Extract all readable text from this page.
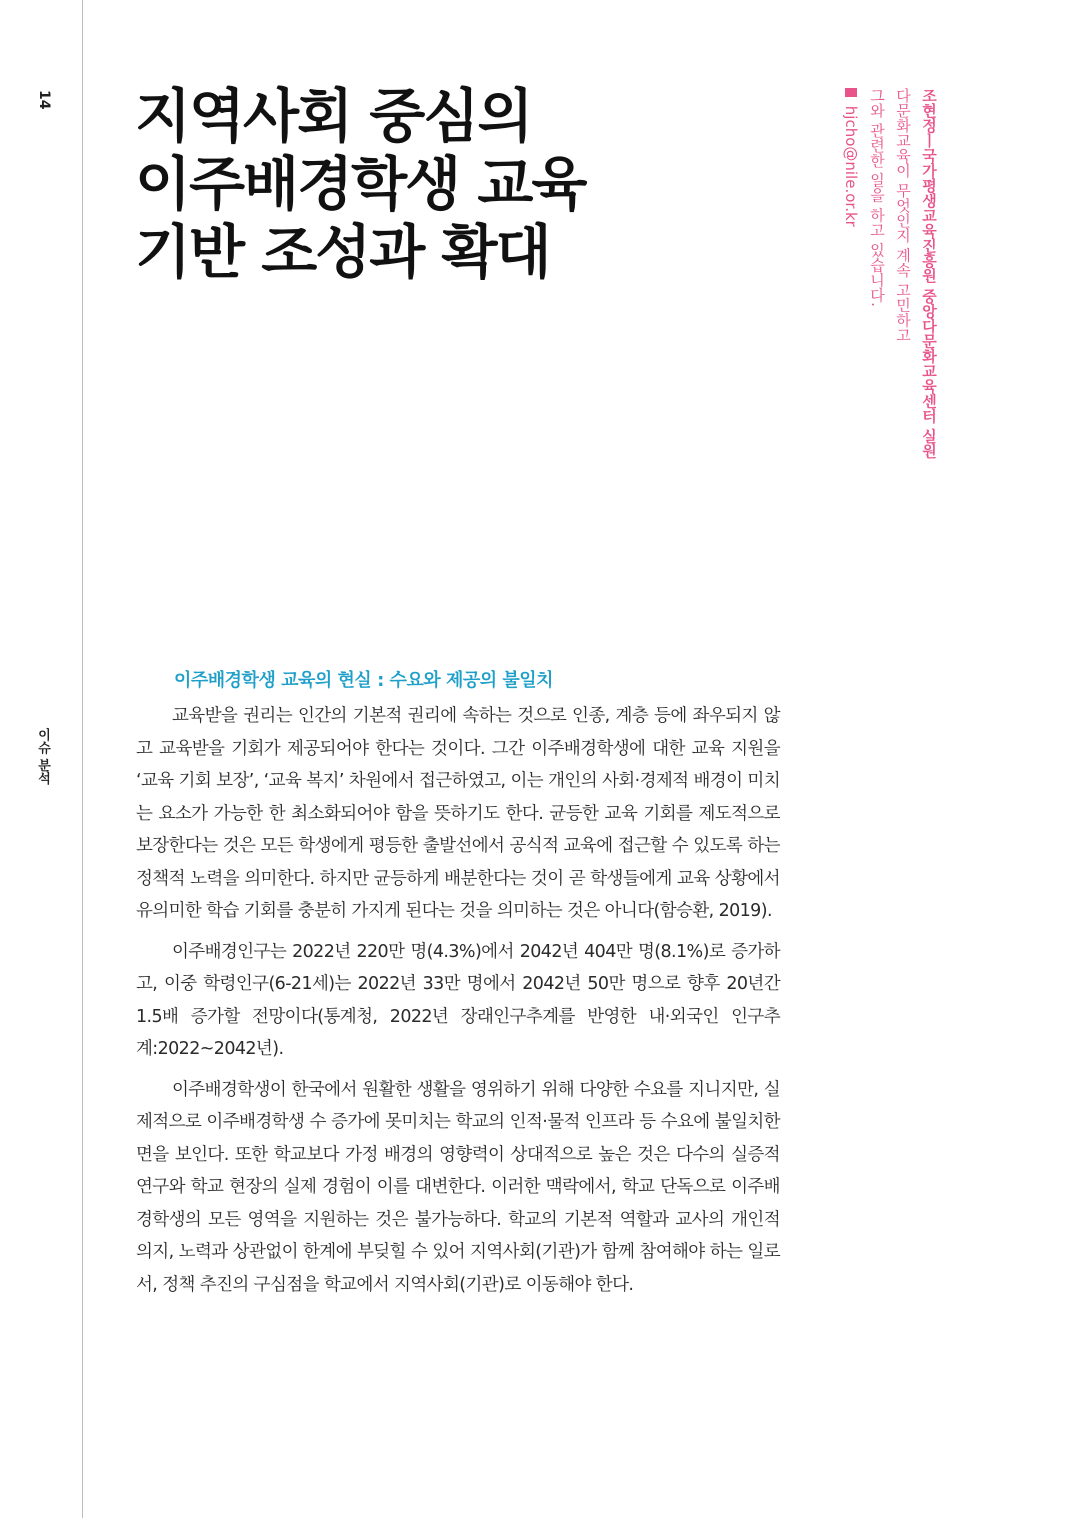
14
이슈 분석
지역사회 중심의
이주배경학생 교육
기반 조성과 확대	조현정ㅣ국가평생교육진흥원 중앙다문화교육센터 실원
다문화교육이 무엇인지 계속 고민하고
그와 관련한 일을 하고 있습니다.
hjcho@nile.or.kr
이주배경학생 교육의 현실 : 수요와 제공의 불일치

교육받을 권리는 인간의 기본적 권리에 속하는 것으로 인종, 계층 등에 좌우되지 않고 교육받을 기회가 제공되어야 한다는 것이다. 그간 이주배경학생에 대한 교육 지원을 ‘교육 기회 보장’, ‘교육 복지’ 차원에서 접근하였고, 이는 개인의 사회·경제적 배경이 미치는 요소가 가능한 한 최소화되어야 함을 뜻하기도 한다. 균등한 교육 기회를 제도적으로 보장한다는 것은 모든 학생에게 평등한 출발선에서 공식적 교육에 접근할 수 있도록 하는 정책적 노력을 의미한다. 하지만 균등하게 배분한다는 것이 곧 학생들에게 교육 상황에서 유의미한 학습 기회를 충분히 가지게 된다는 것을 의미하는 것은 아니다(함승환, 2019).

이주배경인구는 2022년 220만 명(4.3%)에서 2042년 404만 명(8.1%)로 증가하고, 이중 학령인구(6-21세)는 2022년 33만 명에서 2042년 50만 명으로 향후 20년간 1.5배 증가할 전망이다(통계청, 2022년 장래인구추계를 반영한 내·외국인 인구추계:2022~2042년).

이주배경학생이 한국에서 원활한 생활을 영위하기 위해 다양한 수요를 지니지만, 실제적으로 이주배경학생 수 증가에 못미치는 학교의 인적·물적 인프라 등 수요에 불일치한 면을 보인다. 또한 학교보다 가정 배경의 영향력이 상대적으로 높은 것은 다수의 실증적 연구와 학교 현장의 실제 경험이 이를 대변한다. 이러한 맥락에서, 학교 단독으로 이주배경학생의 모든 영역을 지원하는 것은 불가능하다. 학교의 기본적 역할과 교사의 개인적 의지, 노력과 상관없이 한계에 부딪힐 수 있어 지역사회(기관)가 함께 참여해야 하는 일로서, 정책 추진의 구심점을 학교에서 지역사회(기관)로 이동해야 한다.
